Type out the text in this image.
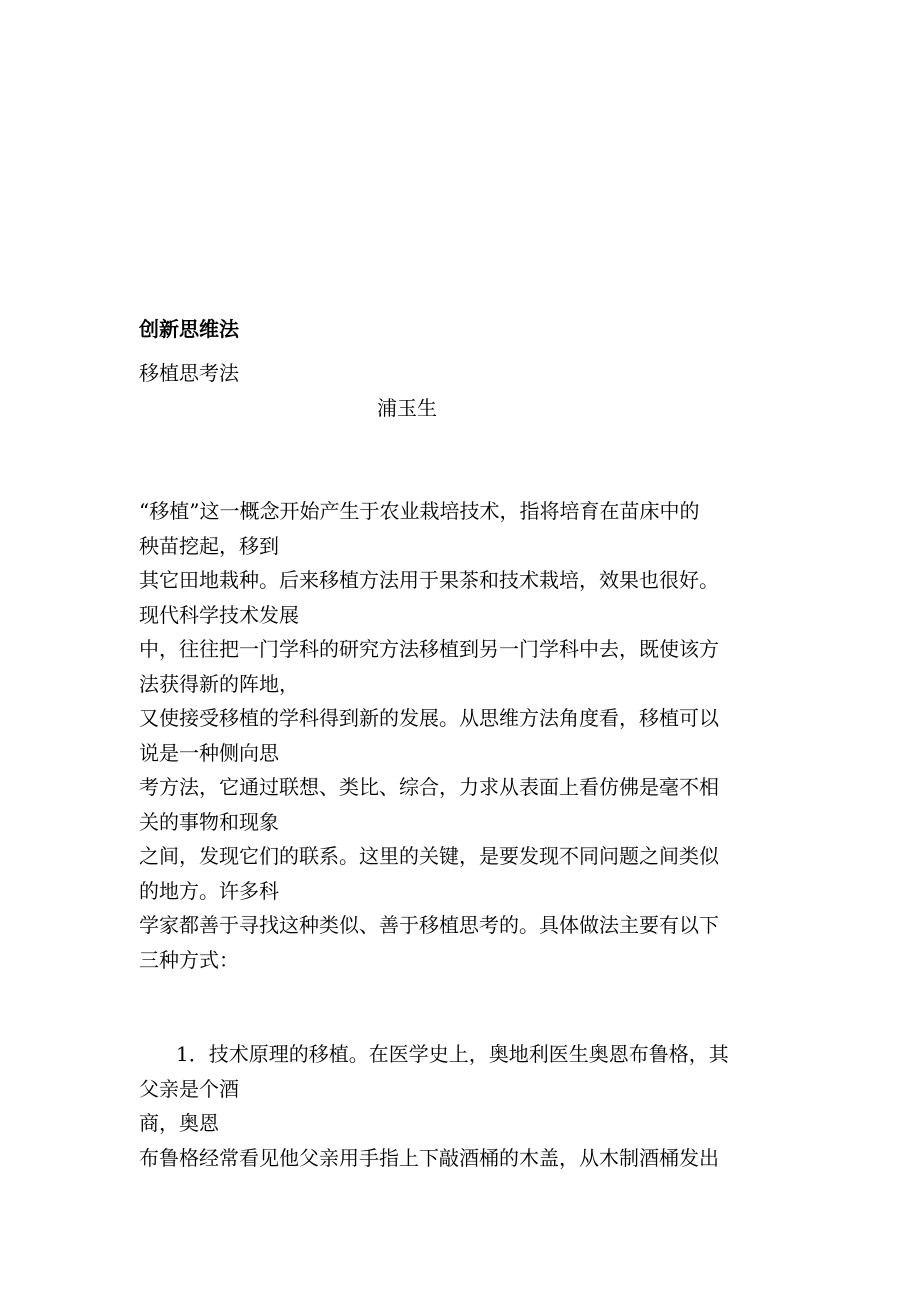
创新思维法
移植思考法
浦玉生
“移植”这一概念开始产生于农业栽培技术，指将培育在苗床中的
秧苗挖起，移到
其它田地栽种。后来移植方法用于果茶和技术栽培，效果也很好。
现代科学技术发展
中，往往把一门学科的研究方法移植到另一门学科中去，既使该方
法获得新的阵地，
又使接受移植的学科得到新的发展。从思维方法角度看，移植可以
说是一种侧向思
考方法，它通过联想、类比、综合，力求从表面上看仿佛是毫不相
关的事物和现象
之间，发现它们的联系。这里的关键，是要发现不同问题之间类似
的地方。许多科
学家都善于寻找这种类似、善于移植思考的。具体做法主要有以下
三种方式：
1．技术原理的移植。在医学史上，奥地利医生奥恩布鲁格，其
父亲是个酒
商，奥恩
布鲁格经常看见他父亲用手指上下敲酒桶的木盖，从木制酒桶发出
